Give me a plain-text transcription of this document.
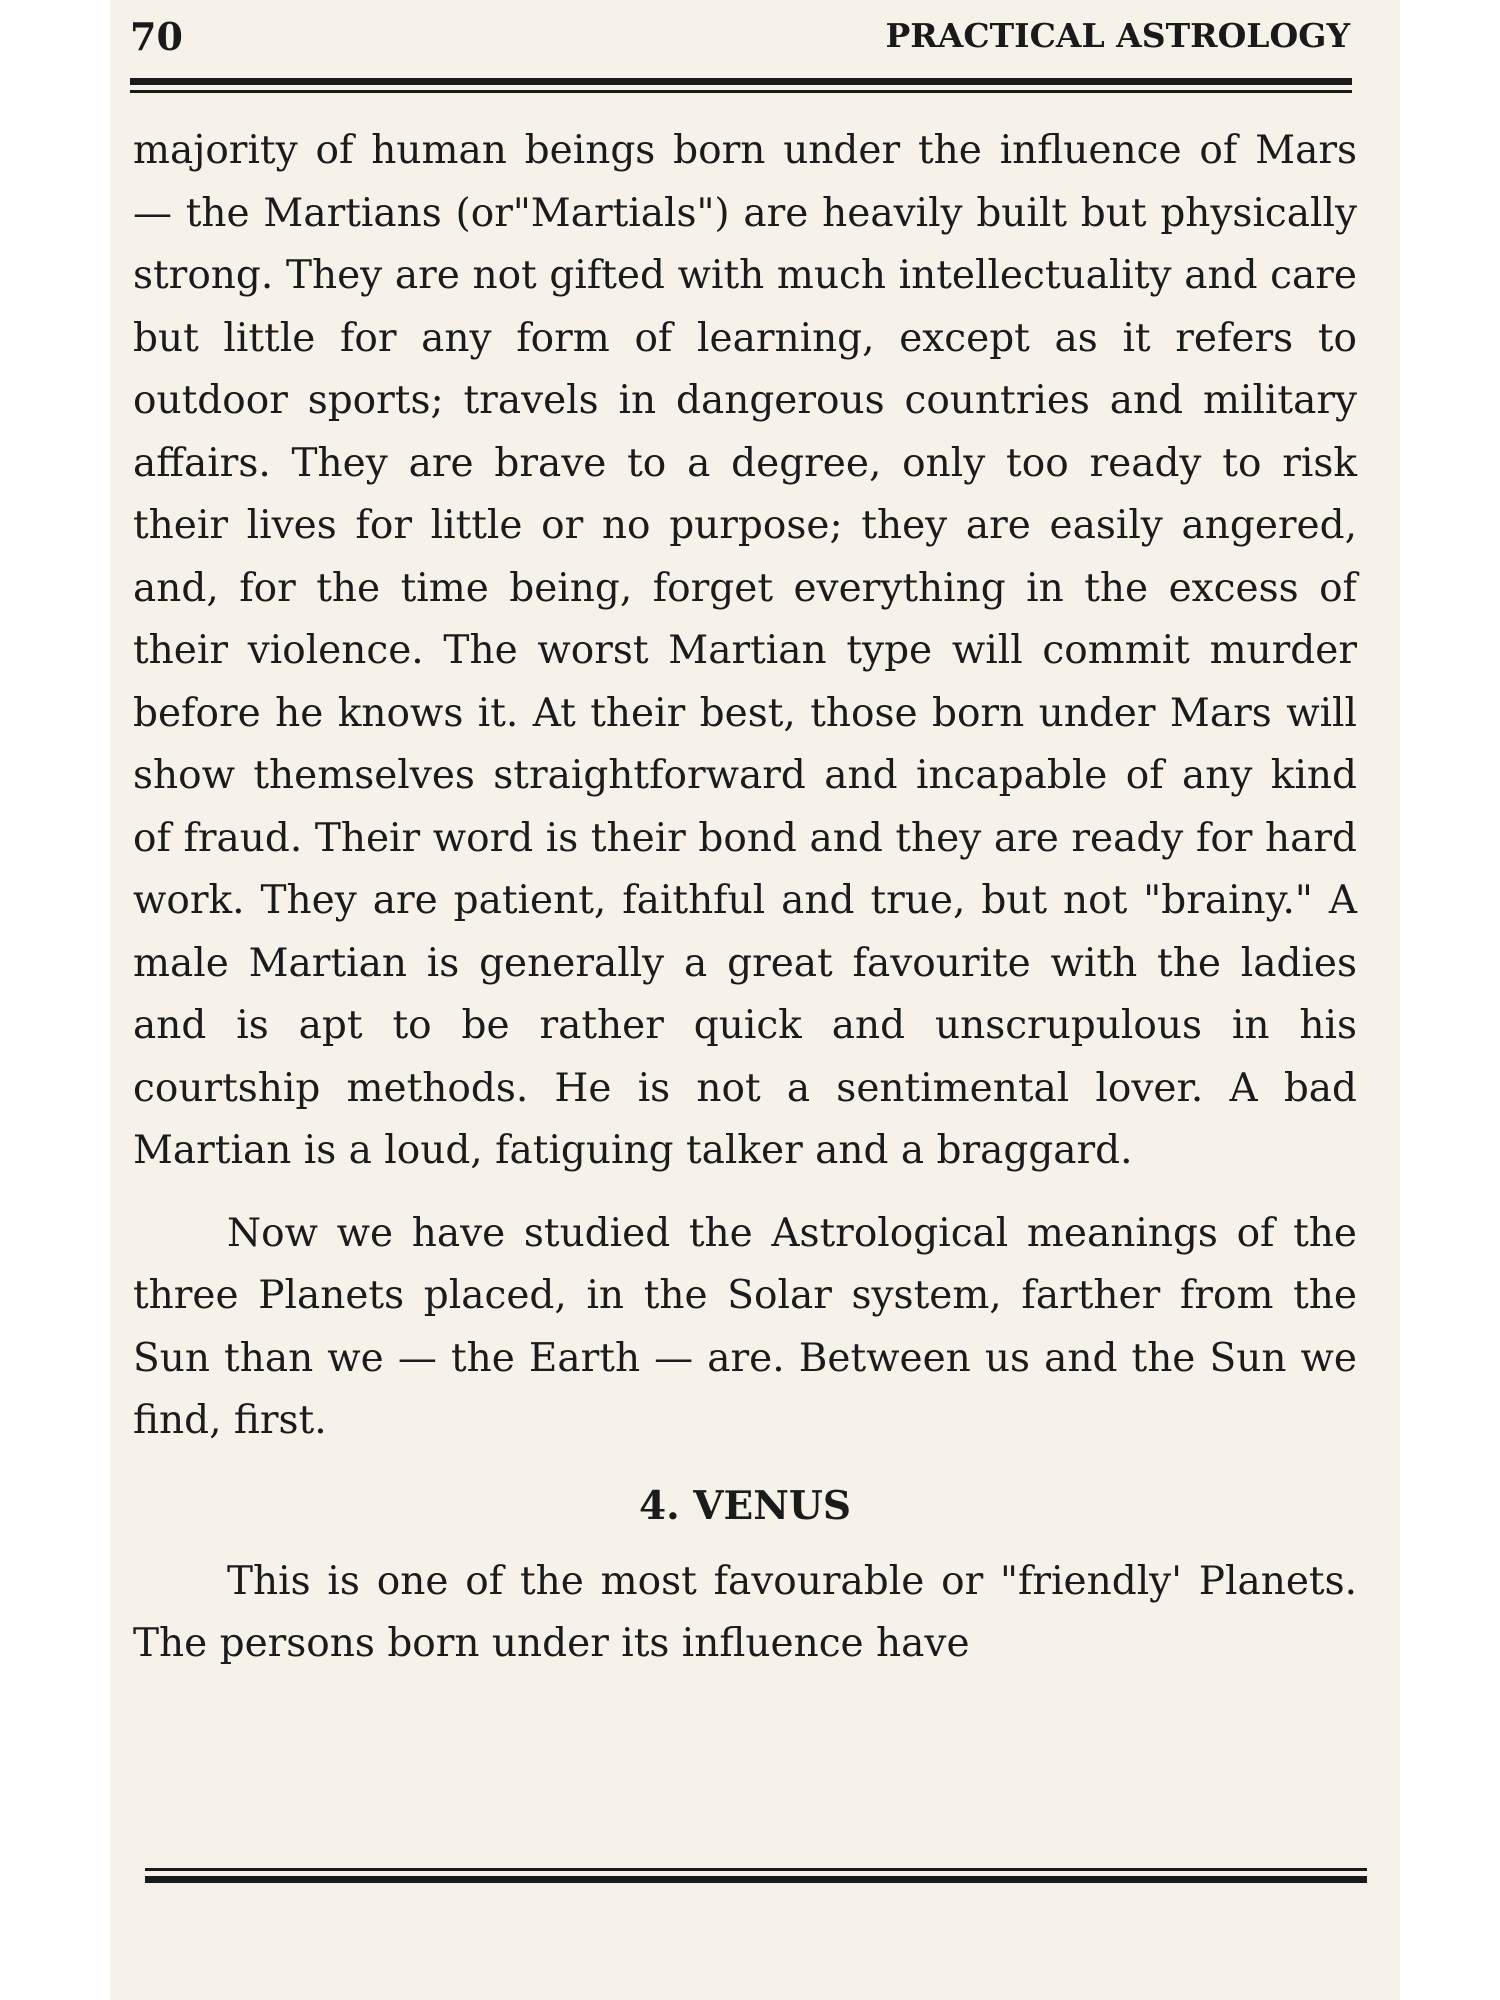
70	PRACTICAL ASTROLOGY

majority of human beings born under the influence of Mars — the Martians (or"Martials") are heavily built but physically strong. They are not gifted with much intellectuality and care but little for any form of learning, except as it refers to outdoor sports; travels in dangerous countries and military affairs. They are brave to a degree, only too ready to risk their lives for little or no purpose; they are easily angered, and, for the time being, forget everything in the excess of their violence. The worst Martian type will commit murder before he knows it. At their best, those born under Mars will show themselves straightforward and incapable of any kind of fraud. Their word is their bond and they are ready for hard work. They are patient, faithful and true, but not "brainy." A male Martian is generally a great favourite with the ladies and is apt to be rather quick and unscrupulous in his courtship methods. He is not a sentimental lover. A bad Martian is a loud, fatiguing talker and a braggard.

Now we have studied the Astrological meanings of the three Planets placed, in the Solar system, farther from the Sun than we — the Earth — are. Between us and the Sun we find, first.

4. VENUS

This is one of the most favourable or "friendly' Planets. The persons born under its influence have
